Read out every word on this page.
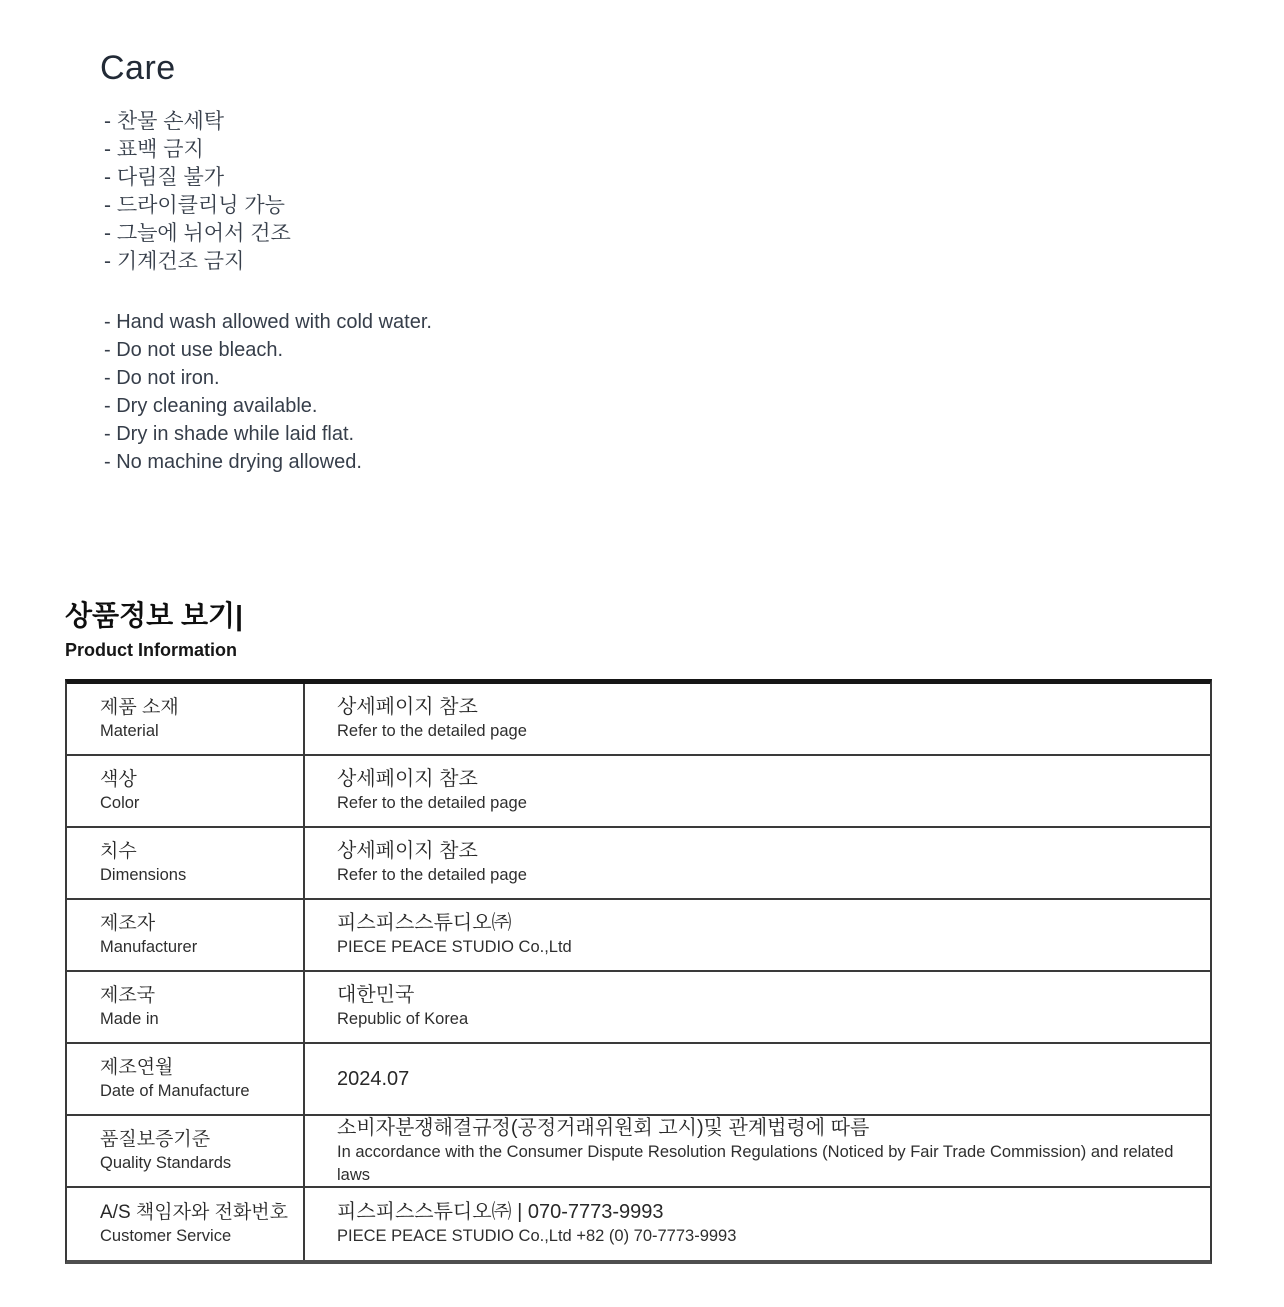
Care
- 찬물 손세탁
- 표백 금지
- 다림질 불가
- 드라이클리닝 가능
- 그늘에 뉘어서 건조
- 기계건조 금지
- Hand wash allowed with cold water.
- Do not use bleach.
- Do not iron.
- Dry cleaning available.
- Dry in shade while laid flat.
- No machine drying allowed.
상품정보 보기|
Product Information
제품 소재
Material
상세페이지 참조
Refer to the detailed page
색상
Color
상세페이지 참조
Refer to the detailed page
치수
Dimensions
상세페이지 참조
Refer to the detailed page
제조자
Manufacturer
피스피스스튜디오㈜
PIECE PEACE STUDIO Co.,Ltd
제조국
Made in
대한민국
Republic of Korea
제조연월
Date of Manufacture
2024.07
품질보증기준
Quality Standards
소비자분쟁해결규정(공정거래위원회 고시)및 관계법령에 따름
In accordance with the Consumer Dispute Resolution Regulations (Noticed by Fair Trade Commission) and related laws
A/S 책임자와 전화번호
Customer Service
피스피스스튜디오㈜ | 070-7773-9993
PIECE PEACE STUDIO Co.,Ltd +82 (0) 70-7773-9993
